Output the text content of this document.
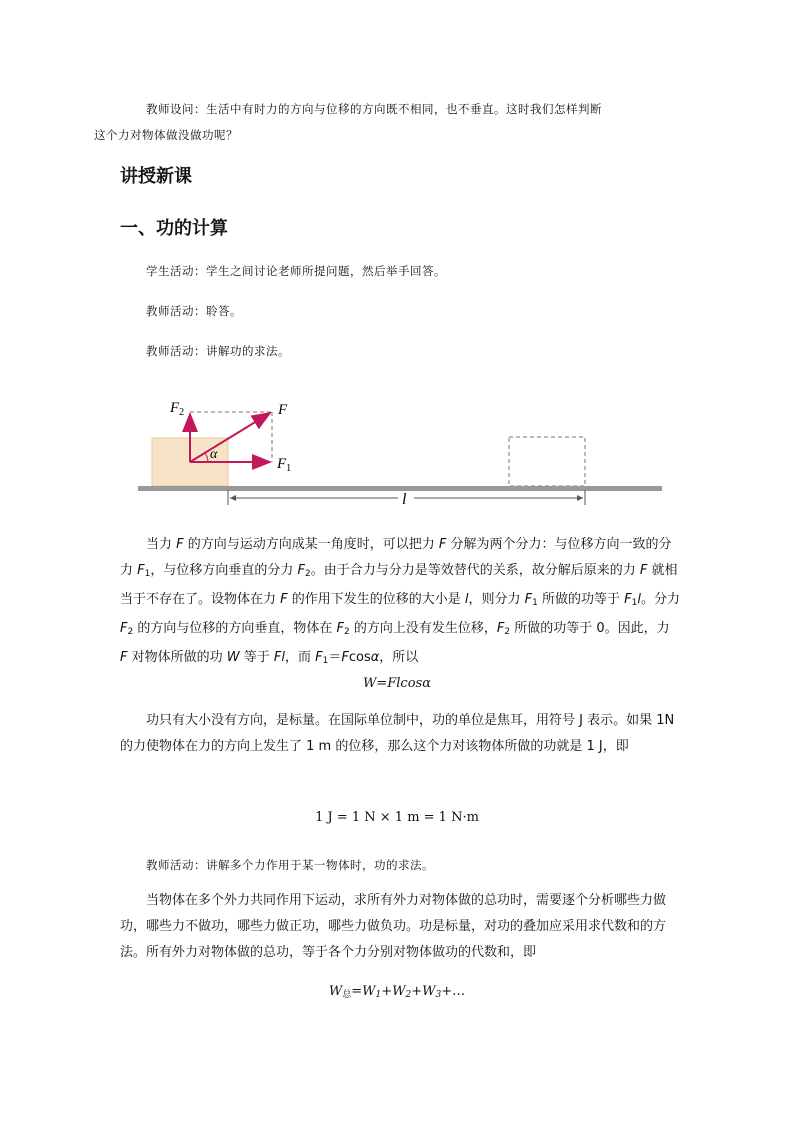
教师设问：生活中有时力的方向与位移的方向既不相同，也不垂直。这时我们怎样判断
这个力对物体做没做功呢？

讲授新课
一、功的计算

学生活动：学生之间讨论老师所提问题，然后举手回答。

教师活动：聆答。

教师活动：讲解功的求法。

$F_2$	F
$F_1$
α
l

当力 F 的方向与运动方向成某一角度时，可以把力 F 分解为两个分力：与位移方向一致的分力 $F_1$，与位移方向垂直的分力 $F_2$。由于合力与分力是等效替代的关系，故分解后原来的力 F 就相当于不存在了。设物体在力 F 的作用下发生的位移的大小是 l，则分力 $F_1$ 所做的功等于 $F_1l$。分力 $F_2$ 的方向与位移的方向垂直，物体在 $F_2$ 的方向上没有发生位移，$F_2$ 所做的功等于 0。因此，力 F 对物体所做的功 W 等于 Fl，而 $F_1=Fcos\alpha$，所以

W=Flcosα

功只有大小没有方向，是标量。在国际单位制中，功的单位是焦耳，用符号 J 表示。如果 1N 的力使物体在力的方向上发生了 1 m 的位移，那么这个力对该物体所做的功就是 1 J，即

1 J = 1 N × 1 m = 1 N·m

教师活动：讲解多个力作用于某一物体时，功的求法。

当物体在多个外力共同作用下运动，求所有外力对物体做的总功时，需要逐个分析哪些力做功，哪些力不做功，哪些力做正功，哪些力做负功。功是标量，对功的叠加应采用求代数和的方法。所有外力对物体做的总功，等于各个力分别对物体做功的代数和，即

$W_总=W_1+W_2+W_3+\dots$
